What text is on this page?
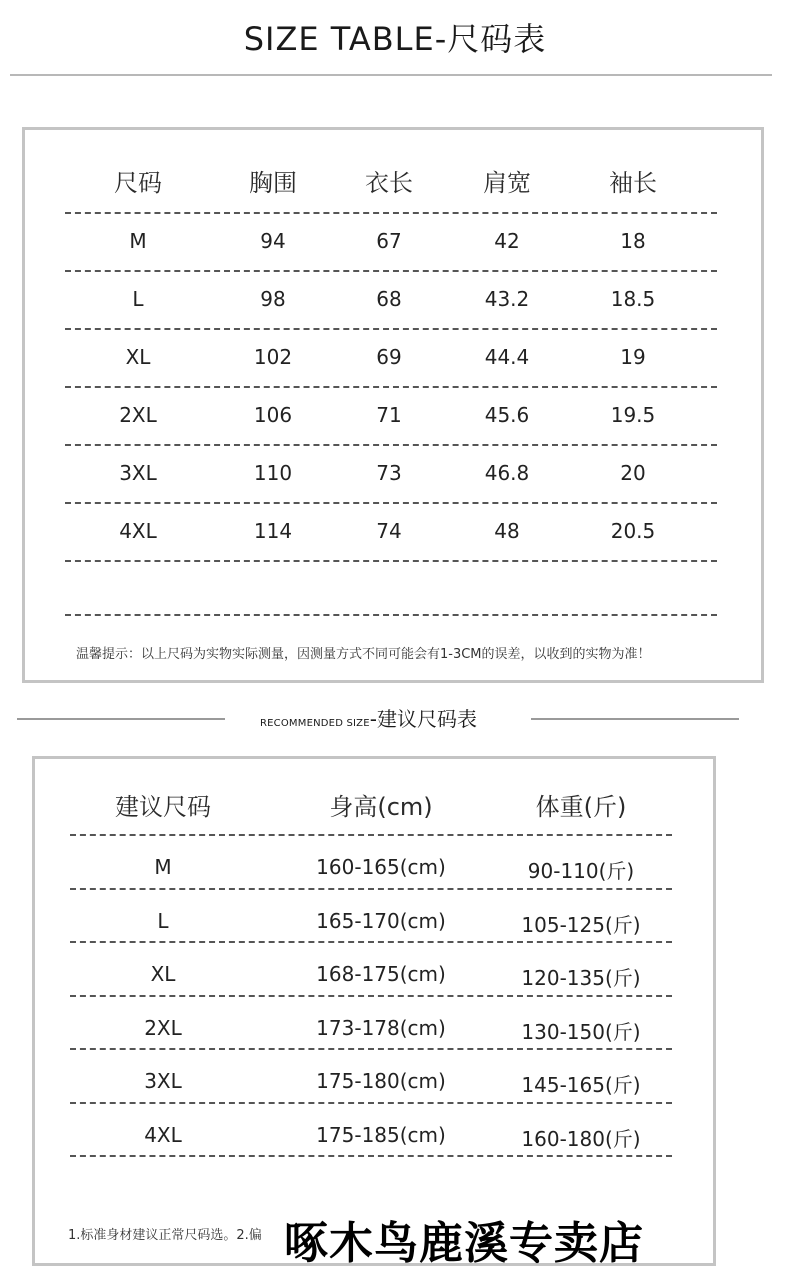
SIZE TABLE-尺码表
尺码	胸围	衣长	肩宽	袖长
M	94	67	42	18
L	98	68	43.2	18.5
XL	102	69	44.4	19
2XL	106	71	45.6	19.5
3XL	110	73	46.8	20
4XL	114	74	48	20.5
温馨提示：以上尺码为实物实际测量，因测量方式不同可能会有1-3CM的误差，以收到的实物为准！
RECOMMENDED SIZE-建议尺码表
建议尺码	身高(cm)	体重(斤)
M	160-165(cm)	90-110(斤)
L	165-170(cm)	105-125(斤)
XL	168-175(cm)	120-135(斤)
2XL	173-178(cm)	130-150(斤)
3XL	175-180(cm)	145-165(斤)
4XL	175-185(cm)	160-180(斤)
1.标准身材建议正常尺码选。2.偏 啄木鸟鹿溪专卖店
